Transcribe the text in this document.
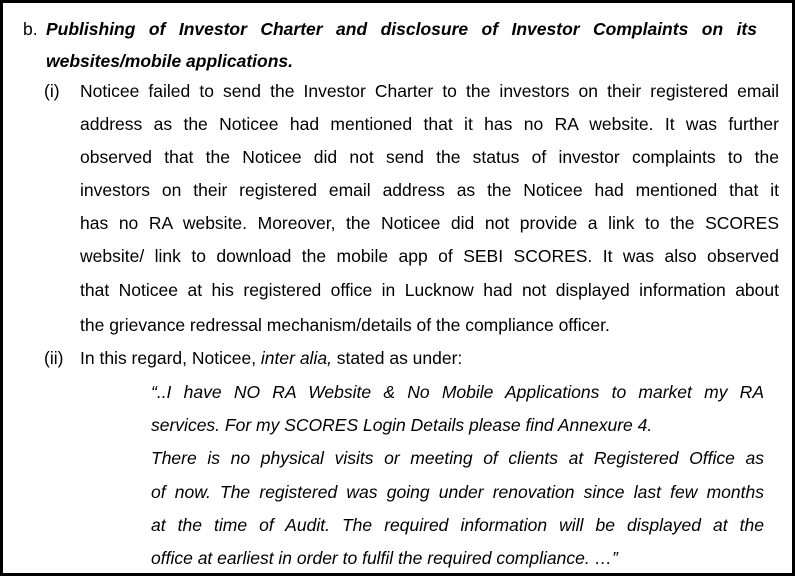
b. Publishing of Investor Charter and disclosure of Investor Complaints on its
websites/mobile applications.
(i) Noticee failed to send the Investor Charter to the investors on their registered email
address as the Noticee had mentioned that it has no RA website. It was further
observed that the Noticee did not send the status of investor complaints to the
investors on their registered email address as the Noticee had mentioned that it
has no RA website. Moreover, the Noticee did not provide a link to the SCORES
website/ link to download the mobile app of SEBI SCORES. It was also observed
that Noticee at his registered office in Lucknow had not displayed information about
the grievance redressal mechanism/details of the compliance officer.
(ii) In this regard, Noticee, inter alia, stated as under:
“..I have NO RA Website & No Mobile Applications to market my RA
services. For my SCORES Login Details please find Annexure 4.
There is no physical visits or meeting of clients at Registered Office as
of now. The registered was going under renovation since last few months
at the time of Audit. The required information will be displayed at the
office at earliest in order to fulfil the required compliance. …”
